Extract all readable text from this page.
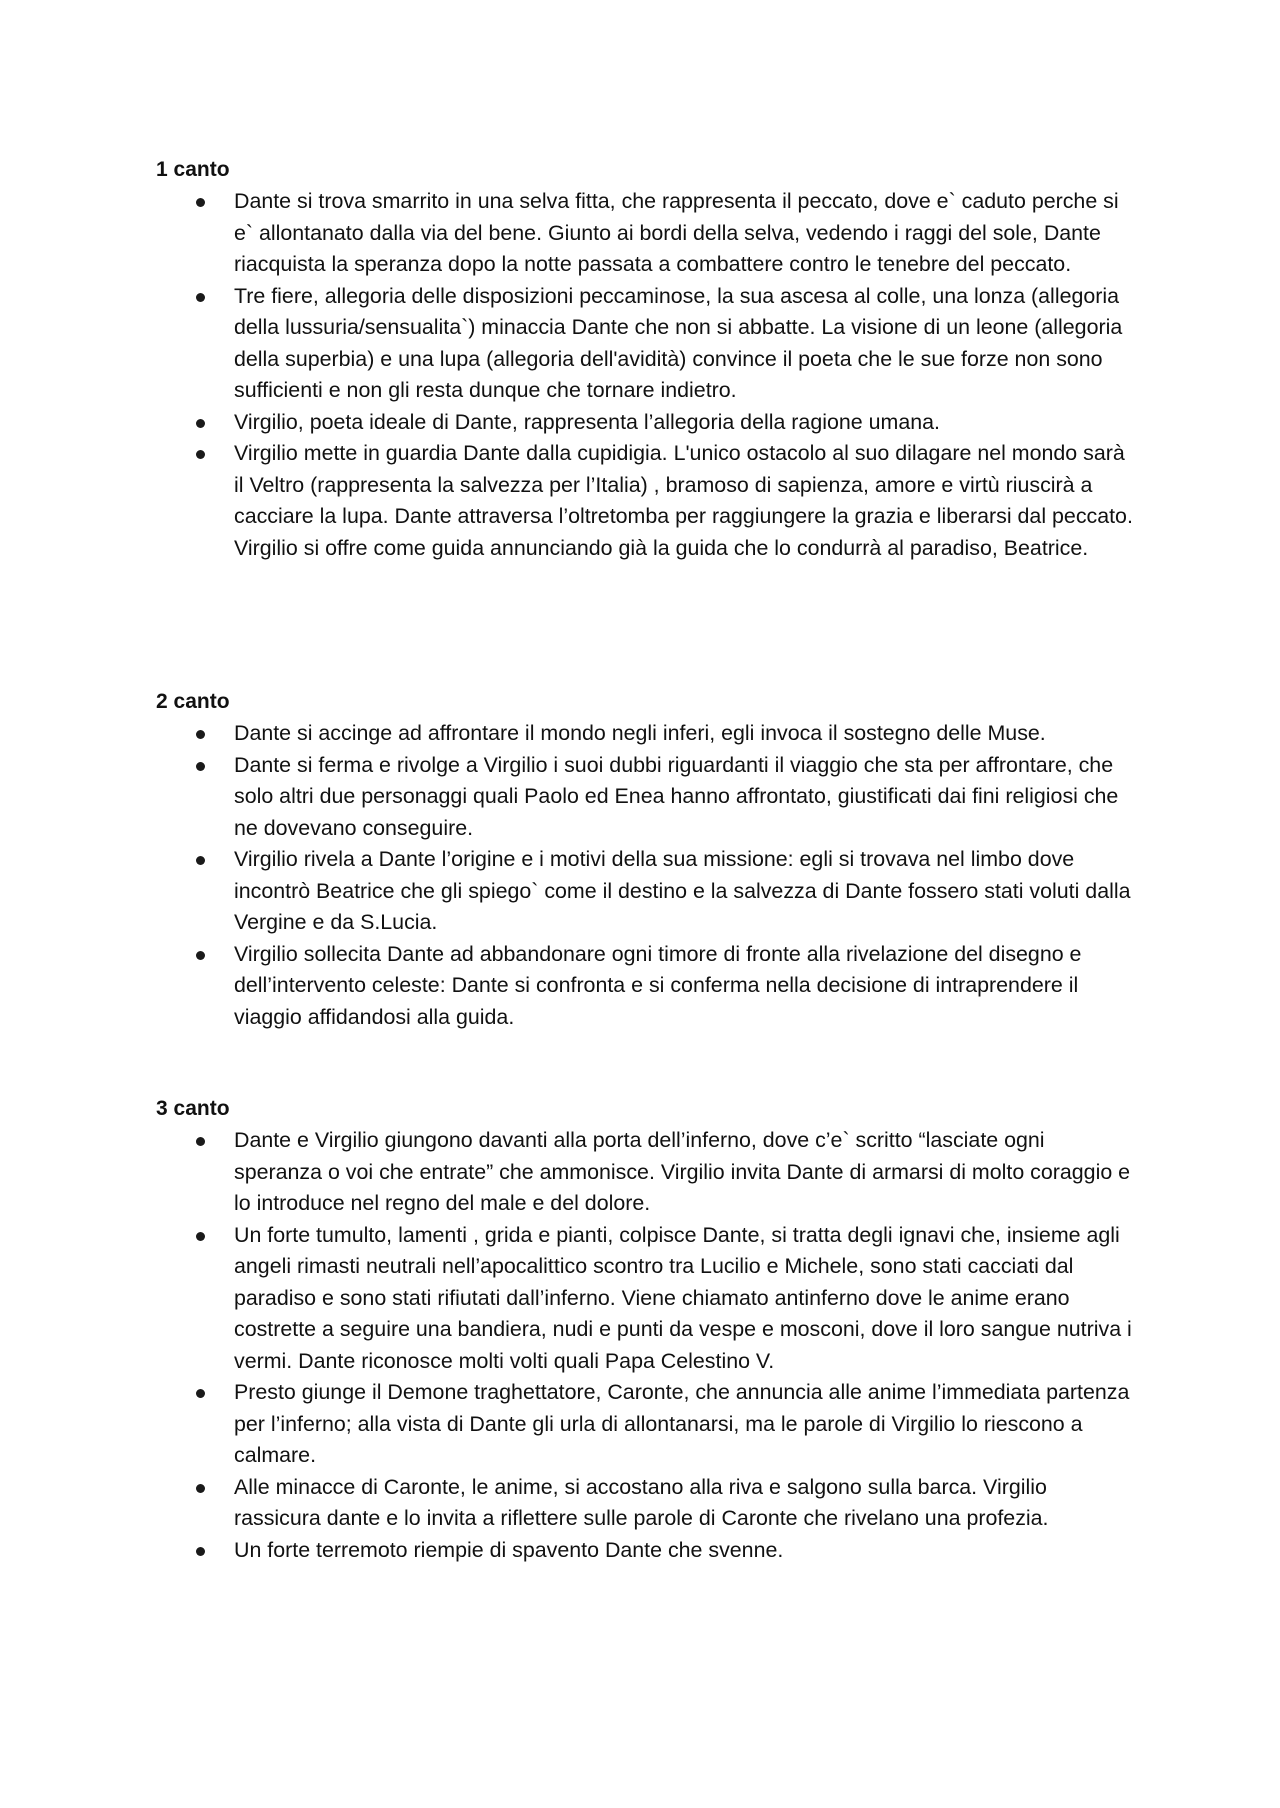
1 canto
Dante si trova smarrito in una selva fitta, che rappresenta il peccato, dove e` caduto perche si e` allontanato dalla via del bene. Giunto ai bordi della selva, vedendo i raggi del sole, Dante riacquista la speranza dopo la notte passata a combattere contro le tenebre del peccato.
Tre fiere, allegoria delle disposizioni peccaminose, la sua ascesa al colle, una lonza (allegoria della lussuria/sensualita`) minaccia Dante che non si abbatte. La visione di un leone (allegoria della superbia) e una lupa (allegoria dell'avidità) convince il poeta che le sue forze non sono sufficienti e non gli resta dunque che tornare indietro.
Virgilio, poeta ideale di Dante, rappresenta l’allegoria della ragione umana.
Virgilio mette in guardia Dante dalla cupidigia. L'unico ostacolo al suo dilagare nel mondo sarà il Veltro (rappresenta la salvezza per l’Italia) , bramoso di sapienza, amore e virtù riuscirà a cacciare la lupa. Dante attraversa l’oltretomba per raggiungere la grazia e liberarsi dal peccato. Virgilio si offre come guida annunciando già la guida che lo condurrà al paradiso, Beatrice.
2 canto
Dante si accinge ad affrontare il mondo negli inferi, egli invoca il sostegno delle Muse.
Dante si ferma e rivolge a Virgilio i suoi dubbi riguardanti il viaggio che sta per affrontare, che solo altri due personaggi quali Paolo ed Enea hanno affrontato, giustificati dai fini religiosi che ne dovevano conseguire.
Virgilio rivela a Dante l’origine e i motivi della sua missione: egli si trovava nel limbo dove incontrò Beatrice che gli spiego` come il destino e la salvezza di Dante fossero stati voluti dalla Vergine e da S.Lucia.
Virgilio sollecita Dante ad abbandonare ogni timore di fronte alla rivelazione del disegno e dell’intervento celeste: Dante si confronta e si conferma nella decisione di intraprendere il viaggio affidandosi alla guida.
3 canto
Dante e Virgilio giungono davanti alla porta dell’inferno, dove c’e` scritto “lasciate ogni speranza o voi che entrate” che ammonisce. Virgilio invita Dante di armarsi di molto coraggio e lo introduce nel regno del male e del dolore.
Un forte tumulto, lamenti , grida e pianti, colpisce Dante, si tratta degli ignavi che, insieme agli angeli rimasti neutrali nell’apocalittico scontro tra Lucilio e Michele, sono stati cacciati dal paradiso e sono stati rifiutati dall’inferno. Viene chiamato antinferno dove le anime erano costrette a seguire una bandiera, nudi e punti da vespe e mosconi, dove il loro sangue nutriva i vermi. Dante riconosce molti volti quali Papa Celestino V.
Presto giunge il Demone traghettatore, Caronte, che annuncia alle anime l’immediata partenza per l’inferno; alla vista di Dante gli urla di allontanarsi, ma le parole di Virgilio lo riescono a calmare.
Alle minacce di Caronte, le anime, si accostano alla riva e salgono sulla barca. Virgilio rassicura dante e lo invita a riflettere sulle parole di Caronte che rivelano una profezia.
Un forte terremoto riempie di spavento Dante che svenne.
